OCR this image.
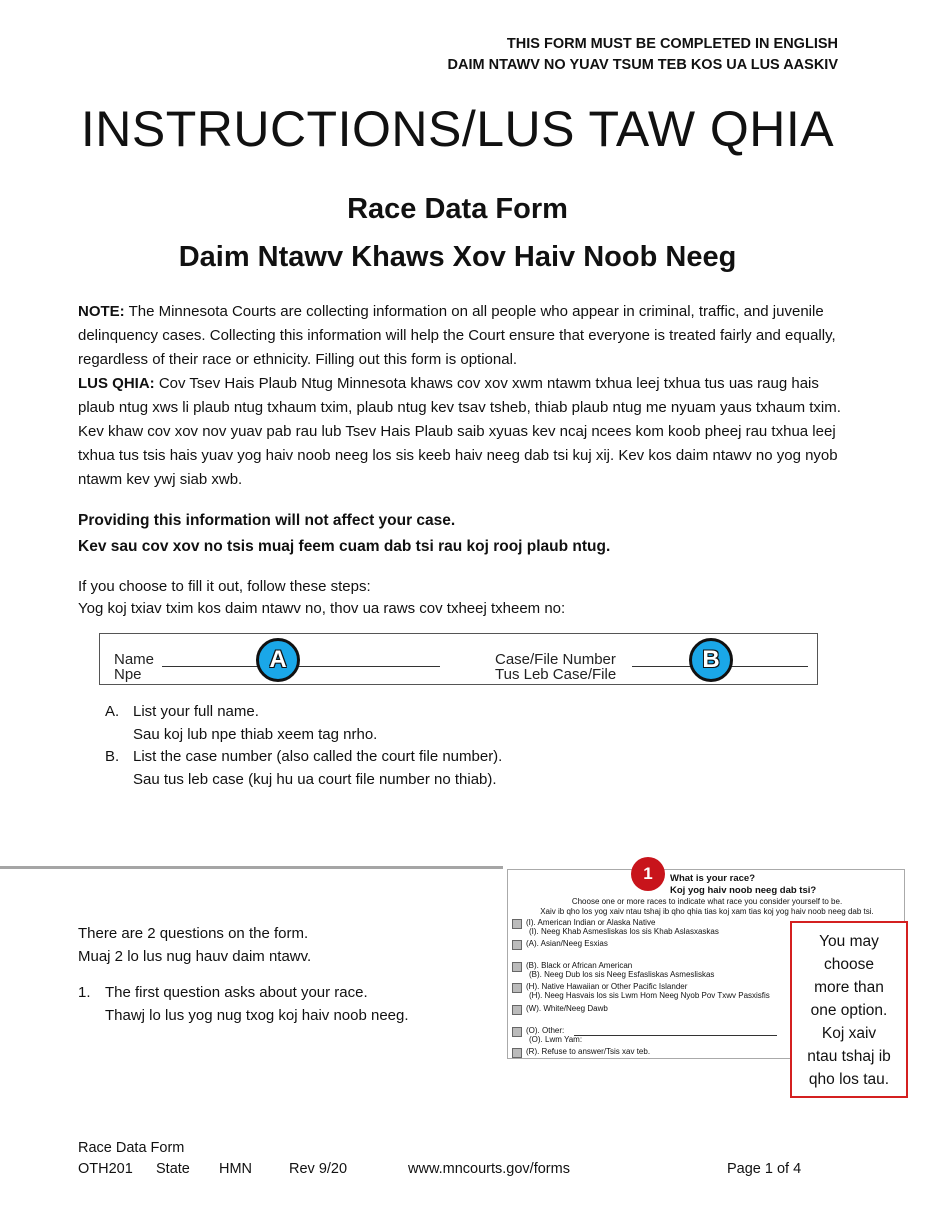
THIS FORM MUST BE COMPLETED IN ENGLISH
DAIM NTAWV NO YUAV TSUM TEB KOS UA LUS AASKIV
INSTRUCTIONS/LUS TAW QHIA
Race Data Form
Daim Ntawv Khaws Xov Haiv Noob Neeg
NOTE: The Minnesota Courts are collecting information on all people who appear in criminal, traffic, and juvenile delinquency cases. Collecting this information will help the Court ensure that everyone is treated fairly and equally, regardless of their race or ethnicity. Filling out this form is optional.
LUS QHIA: Cov Tsev Hais Plaub Ntug Minnesota khaws cov xov xwm ntawm txhua leej txhua tus uas raug hais plaub ntug xws li plaub ntug txhaum txim, plaub ntug kev tsav tsheb, thiab plaub ntug me nyuam yaus txhaum txim. Kev khaw cov xov nov yuav pab rau lub Tsev Hais Plaub saib xyuas kev ncaj ncees kom koob pheej rau txhua leej txhua tus tsis hais yuav yog haiv noob neeg los sis keeb haiv neeg dab tsi kuj xij. Kev kos daim ntawv no yog nyob ntawm kev ywj siab xwb.
Providing this information will not affect your case.
Kev sau cov xov no tsis muaj feem cuam dab tsi rau koj rooj plaub ntug.
If you choose to fill it out, follow these steps:
Yog koj txiav txim kos daim ntawv no, thov ua raws cov txheej txheem no:
Name
Npe
A	Case/File Number
Tus Leb Case/File
B
A. List your full name.
Sau koj lub npe thiab xeem tag nrho.
B. List the case number (also called the court file number).
Sau tus leb case (kuj hu ua court file number no thiab).
There are 2 questions on the form.
Muaj 2 lo lus nug hauv daim ntawv.
1. The first question asks about your race.
Thawj lo lus yog nug txog koj haiv noob neeg.
1	What is your race?
Koj yog haiv noob neeg dab tsi?
Choose one or more races to indicate what race you consider yourself to be.
Xaiv ib qho los yog xaiv ntau tshaj ib qho qhia tias koj xam tias koj yog haiv noob neeg dab tsi.
(I). American Indian or Alaska Native
(I). Neeg Khab Asmesliskas los sis Khab Aslasxaskas
(A). Asian/Neeg Esxias
(B). Black or African American
(B). Neeg Dub los sis Neeg Esfasliskas Asmesliskas
(H). Native Hawaiian or Other Pacific Islander
(H). Neeg Hasvais los sis Lwm Hom Neeg Nyob Pov Txwv Pasxisfis
(W). White/Neeg Dawb
(O). Other:
(O). Lwm Yam:
(R). Refuse to answer/Tsis xav teb.
You may
choose
more than
one option.
Koj xaiv
ntau tshaj ib
qho los tau.
Race Data Form
OTH201 State HMN	Rev 9/20	www.mncourts.gov/forms	Page 1 of 4
